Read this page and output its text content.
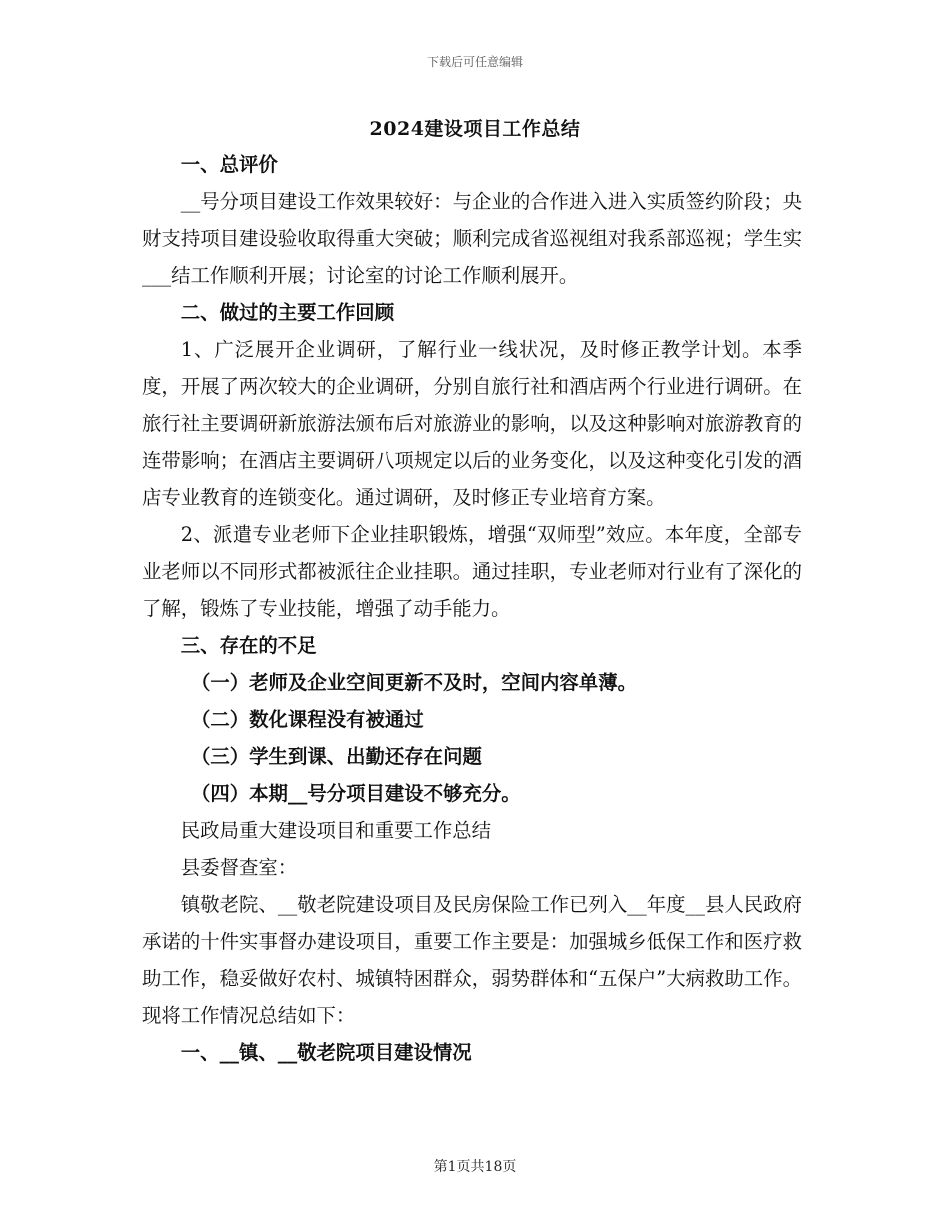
下载后可任意编辑
2024建设项目工作总结

一、总评价

__号分项目建设工作效果较好：与企业的合作进入进入实质签约阶段；央财支持项目建设验收取得重大突破；顺利完成省巡视组对我系部巡视；学生实___结工作顺利开展；讨论室的讨论工作顺利展开。

二、做过的主要工作回顾

1、广泛展开企业调研，了解行业一线状况，及时修正教学计划。本季度，开展了两次较大的企业调研，分别自旅行社和酒店两个行业进行调研。在旅行社主要调研新旅游法颁布后对旅游业的影响，以及这种影响对旅游教育的连带影响；在酒店主要调研八项规定以后的业务变化，以及这种变化引发的酒店专业教育的连锁变化。通过调研，及时修正专业培育方案。

2、派遣专业老师下企业挂职锻炼，增强“双师型”效应。本年度，全部专业老师以不同形式都被派往企业挂职。通过挂职，专业老师对行业有了深化的了解，锻炼了专业技能，增强了动手能力。

三、存在的不足

（一）老师及企业空间更新不及时，空间内容单薄。

（二）数化课程没有被通过

（三）学生到课、出勤还存在问题

（四）本期__号分项目建设不够充分。

民政局重大建设项目和重要工作总结

县委督查室：

镇敬老院、__敬老院建设项目及民房保险工作已列入__年度__县人民政府承诺的十件实事督办建设项目，重要工作主要是：加强城乡低保工作和医疗救助工作，稳妥做好农村、城镇特困群众，弱势群体和“五保户”大病救助工作。现将工作情况总结如下：

一、__镇、__敬老院项目建设情况

第1页共18页
